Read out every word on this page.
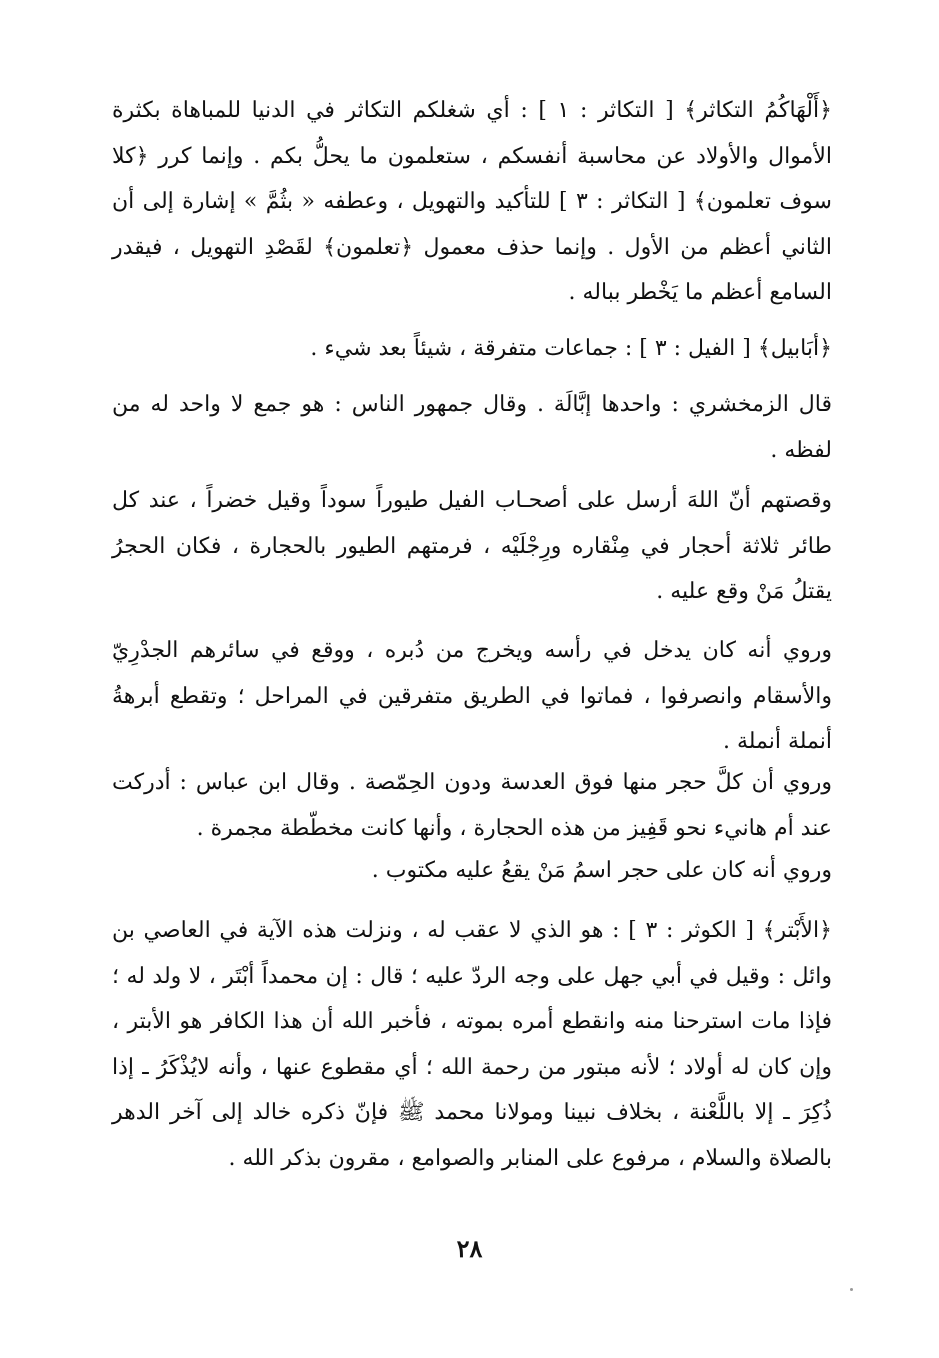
﴿أَلْهَاكُمُ التكاثر﴾ [ التكاثر : ١ ] : أي شغلكم التكاثر في الدنيا للمباهاة بكثرة الأموال والأولاد عن محاسبة أنفسكم ، ستعلمون ما يحلُّ بكم . وإنما كرر ﴿كلا سوف تعلمون﴾ [ التكاثر : ٣ ] للتأكيد والتهويل ، وعطفه « بثُمَّ » إشارة إلى أن الثاني أعظم من الأول . وإنما حذف معمول ﴿تعلمون﴾ لقَصْدِ التهويل ، فيقدر السامع أعظم ما يَخْطر بباله .

﴿أبَابيل﴾ [ الفيل : ٣ ] : جماعات متفرقة ، شيئاً بعد شيء .

قال الزمخشري : واحدها إبَّالَة . وقال جمهور الناس : هو جمع لا واحد له من لفظه .

وقصتهم أنّ اللهَ أرسل على أصحـاب الفيل طيوراً سوداً وقيل خضراً ، عند كل طائر ثلاثة أحجار في مِنْقاره ورِجْلَيْه ، فرمتهم الطيور بالحجارة ، فكان الحجرُ يقتلُ مَنْ وقع عليه .

وروي أنه كان يدخل في رأسه ويخرج من دُبره ، ووقع في سائرهم الجدْرِيّ والأسقام وانصرفوا ، فماتوا في الطريق متفرقين في المراحل ؛ وتقطع أبرهةُ أنملة أنملة .

وروي أن كلَّ حجر منها فوق العدسة ودون الحِمّصة . وقال ابن عباس : أدركت عند أم هانيء نحو قَفِيز من هذه الحجارة ، وأنها كانت مخطّطة مجمرة .

وروي أنه كان على حجر اسمُ مَنْ يقعُ عليه مكتوب .

﴿الأَبْتر﴾ [ الكوثر : ٣ ] : هو الذي لا عقب له ، ونزلت هذه الآية في العاصي بن وائل : وقيل في أبي جهل على وجه الردّ عليه ؛ قال : إن محمداً أبْتَر ، لا ولد له ؛ فإذا مات استرحنا منه وانقطع أمره بموته ، فأخبر الله أن هذا الكافر هو الأبتر ، وإن كان له أولاد ؛ لأنه مبتور من رحمة الله ؛ أي مقطوع عنها ، وأنه لايُذْكَرُ ـ إذا ذُكِرَ ـ إلا باللَّعْنة ، بخلاف نبينا ومولانا محمد ﷺ فإنّ ذكره خالد إلى آخر الدهر بالصلاة والسلام ، مرفوع على المنابر والصوامع ، مقرون بذكر الله .

٢٨
